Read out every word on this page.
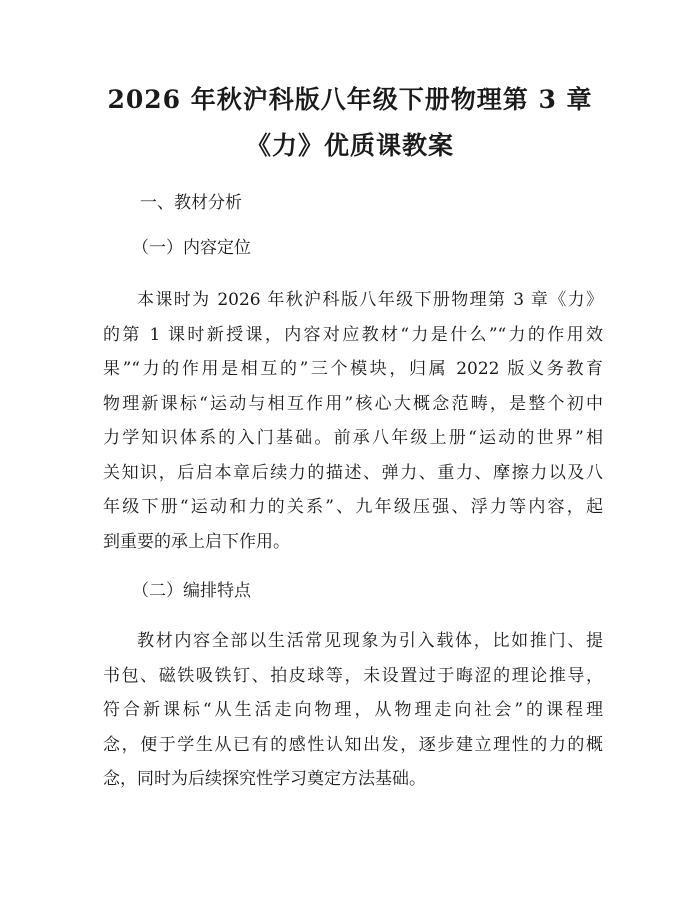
2026 年秋沪科版八年级下册物理第 3 章
《力》优质课教案
一、教材分析
（一）内容定位
本课时为 2026 年秋沪科版八年级下册物理第 3 章《力》
的第 1 课时新授课，内容对应教材“力是什么”“力的作用效
果”“力的作用是相互的”三个模块，归属 2022 版义务教育
物理新课标“运动与相互作用”核心大概念范畴，是整个初中
力学知识体系的入门基础。前承八年级上册“运动的世界”相
关知识，后启本章后续力的描述、弹力、重力、摩擦力以及八
年级下册“运动和力的关系”、九年级压强、浮力等内容，起
到重要的承上启下作用。
（二）编排特点
教材内容全部以生活常见现象为引入载体，比如推门、提
书包、磁铁吸铁钉、拍皮球等，未设置过于晦涩的理论推导，
符合新课标“从生活走向物理，从物理走向社会”的课程理
念，便于学生从已有的感性认知出发，逐步建立理性的力的概
念，同时为后续探究性学习奠定方法基础。
